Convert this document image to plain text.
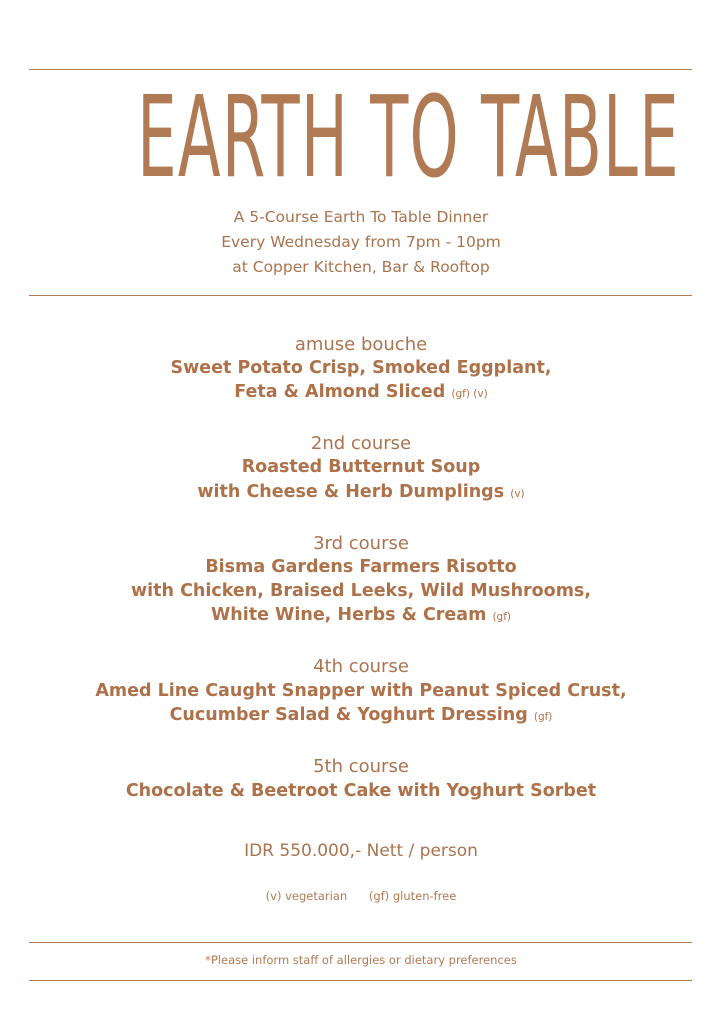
EARTH TO TABLE
A 5-Course Earth To Table Dinner
Every Wednesday from 7pm - 10pm
at Copper Kitchen, Bar & Rooftop
amuse bouche
Sweet Potato Crisp, Smoked Eggplant,
Feta & Almond Sliced (gf) (v)
2nd course
Roasted Butternut Soup
with Cheese & Herb Dumplings (v)
3rd course
Bisma Gardens Farmers Risotto
with Chicken, Braised Leeks, Wild Mushrooms,
White Wine, Herbs & Cream (gf)
4th course
Amed Line Caught Snapper with Peanut Spiced Crust,
Cucumber Salad & Yoghurt Dressing (gf)
5th course
Chocolate & Beetroot Cake with Yoghurt Sorbet
IDR 550.000,- Nett / person
(v) vegetarian (gf) gluten-free
*Please inform staff of allergies or dietary preferences
